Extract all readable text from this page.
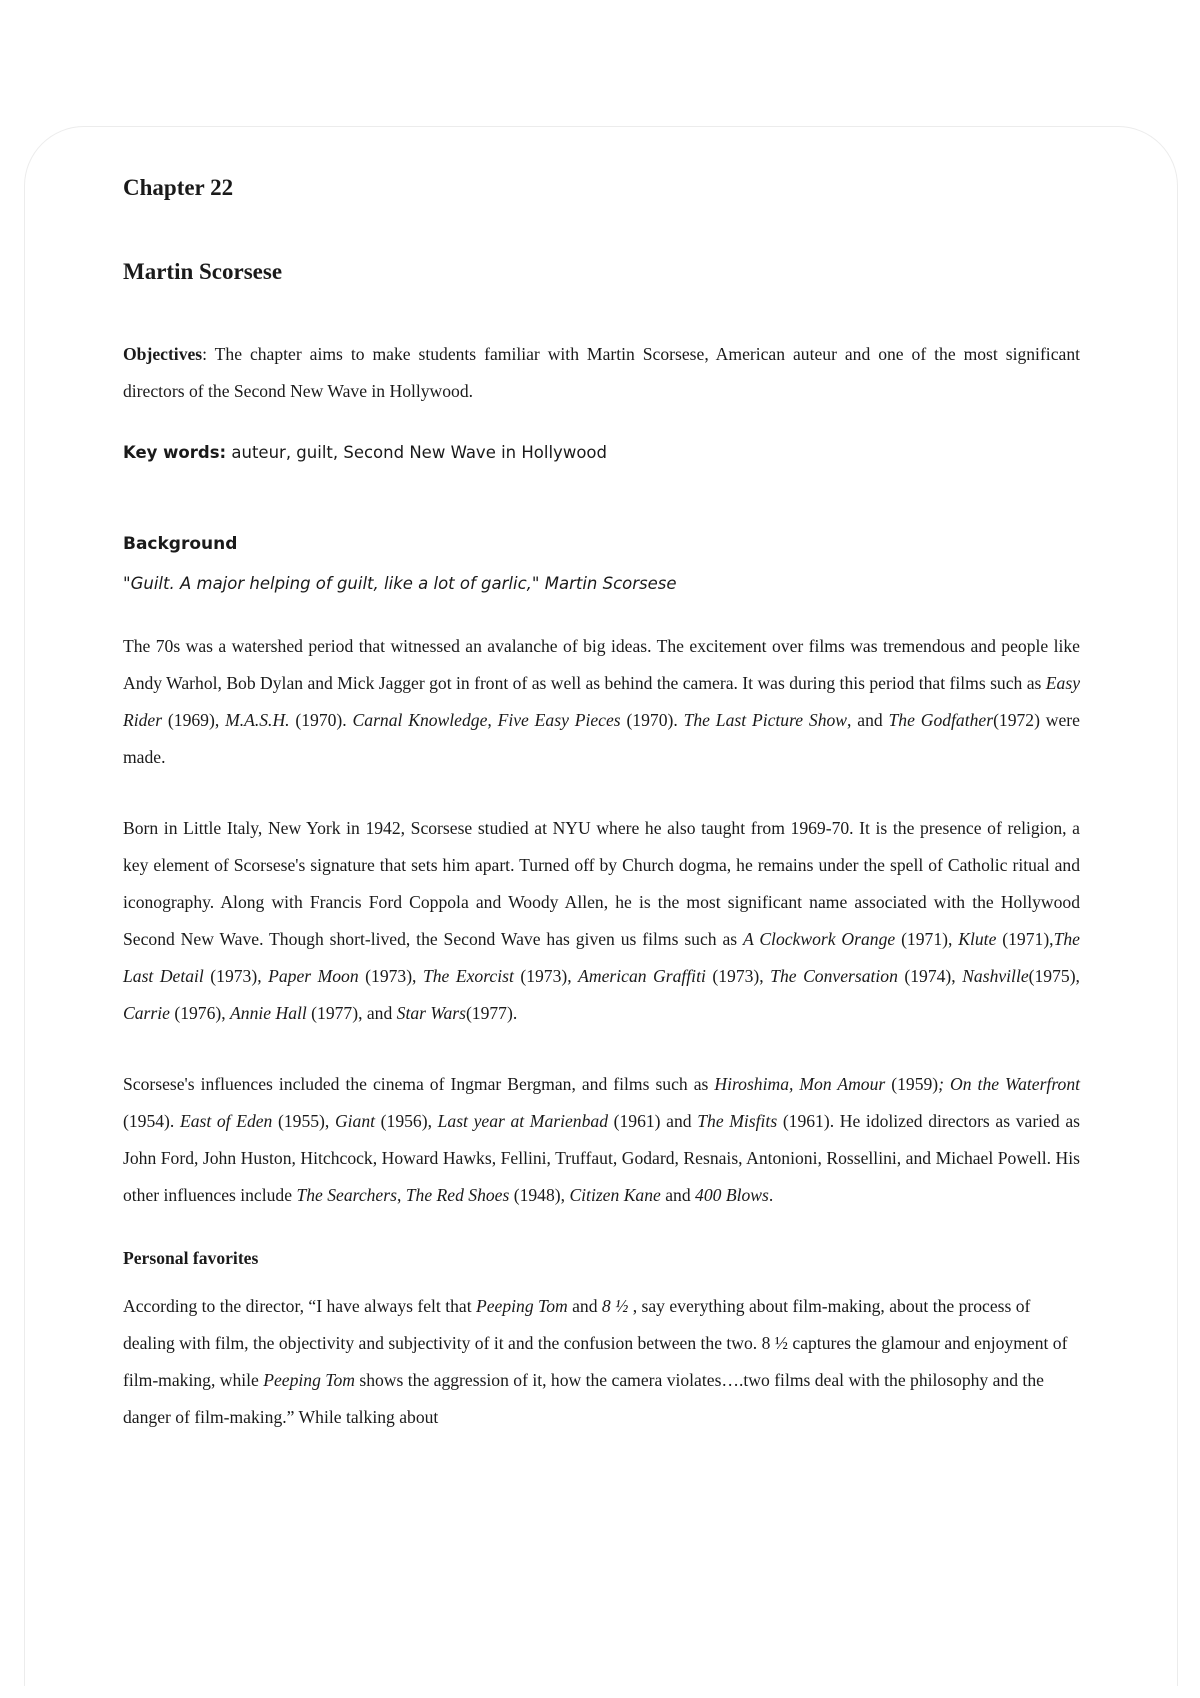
Chapter 22
Martin Scorsese

Objectives: The chapter aims to make students familiar with Martin Scorsese, American auteur and one of the most significant directors of the Second New Wave in Hollywood.

Key words: auteur, guilt, Second New Wave in Hollywood

Background

"Guilt. A major helping of guilt, like a lot of garlic," Martin Scorsese

The 70s was a watershed period that witnessed an avalanche of big ideas. The excitement over films was tremendous and people like Andy Warhol, Bob Dylan and Mick Jagger got in front of as well as behind the camera. It was during this period that films such as Easy Rider (1969), M.A.S.H. (1970). Carnal Knowledge, Five Easy Pieces (1970). The Last Picture Show, and The Godfather(1972) were made.

Born in Little Italy, New York in 1942, Scorsese studied at NYU where he also taught from 1969-70. It is the presence of religion, a key element of Scorsese's signature that sets him apart. Turned off by Church dogma, he remains under the spell of Catholic ritual and iconography. Along with Francis Ford Coppola and Woody Allen, he is the most significant name associated with the Hollywood Second New Wave. Though short-lived, the Second Wave has given us films such as A Clockwork Orange (1971), Klute (1971),The Last Detail (1973), Paper Moon (1973), The Exorcist (1973), American Graffiti (1973), The Conversation (1974), Nashville(1975), Carrie (1976), Annie Hall (1977), and Star Wars(1977).

Scorsese's influences included the cinema of Ingmar Bergman, and films such as Hiroshima, Mon Amour (1959); On the Waterfront (1954). East of Eden (1955), Giant (1956), Last year at Marienbad (1961) and The Misfits (1961). He idolized directors as varied as John Ford, John Huston, Hitchcock, Howard Hawks, Fellini, Truffaut, Godard, Resnais, Antonioni, Rossellini, and Michael Powell. His other influences include The Searchers, The Red Shoes (1948), Citizen Kane and 400 Blows.

Personal favorites

According to the director, “I have always felt that Peeping Tom and 8 ½ , say everything about film-making, about the process of dealing with film, the objectivity and subjectivity of it and the confusion between the two. 8 ½ captures the glamour and enjoyment of film-making, while Peeping Tom shows the aggression of it, how the camera violates….two films deal with the philosophy and the danger of film-making.” While talking about
